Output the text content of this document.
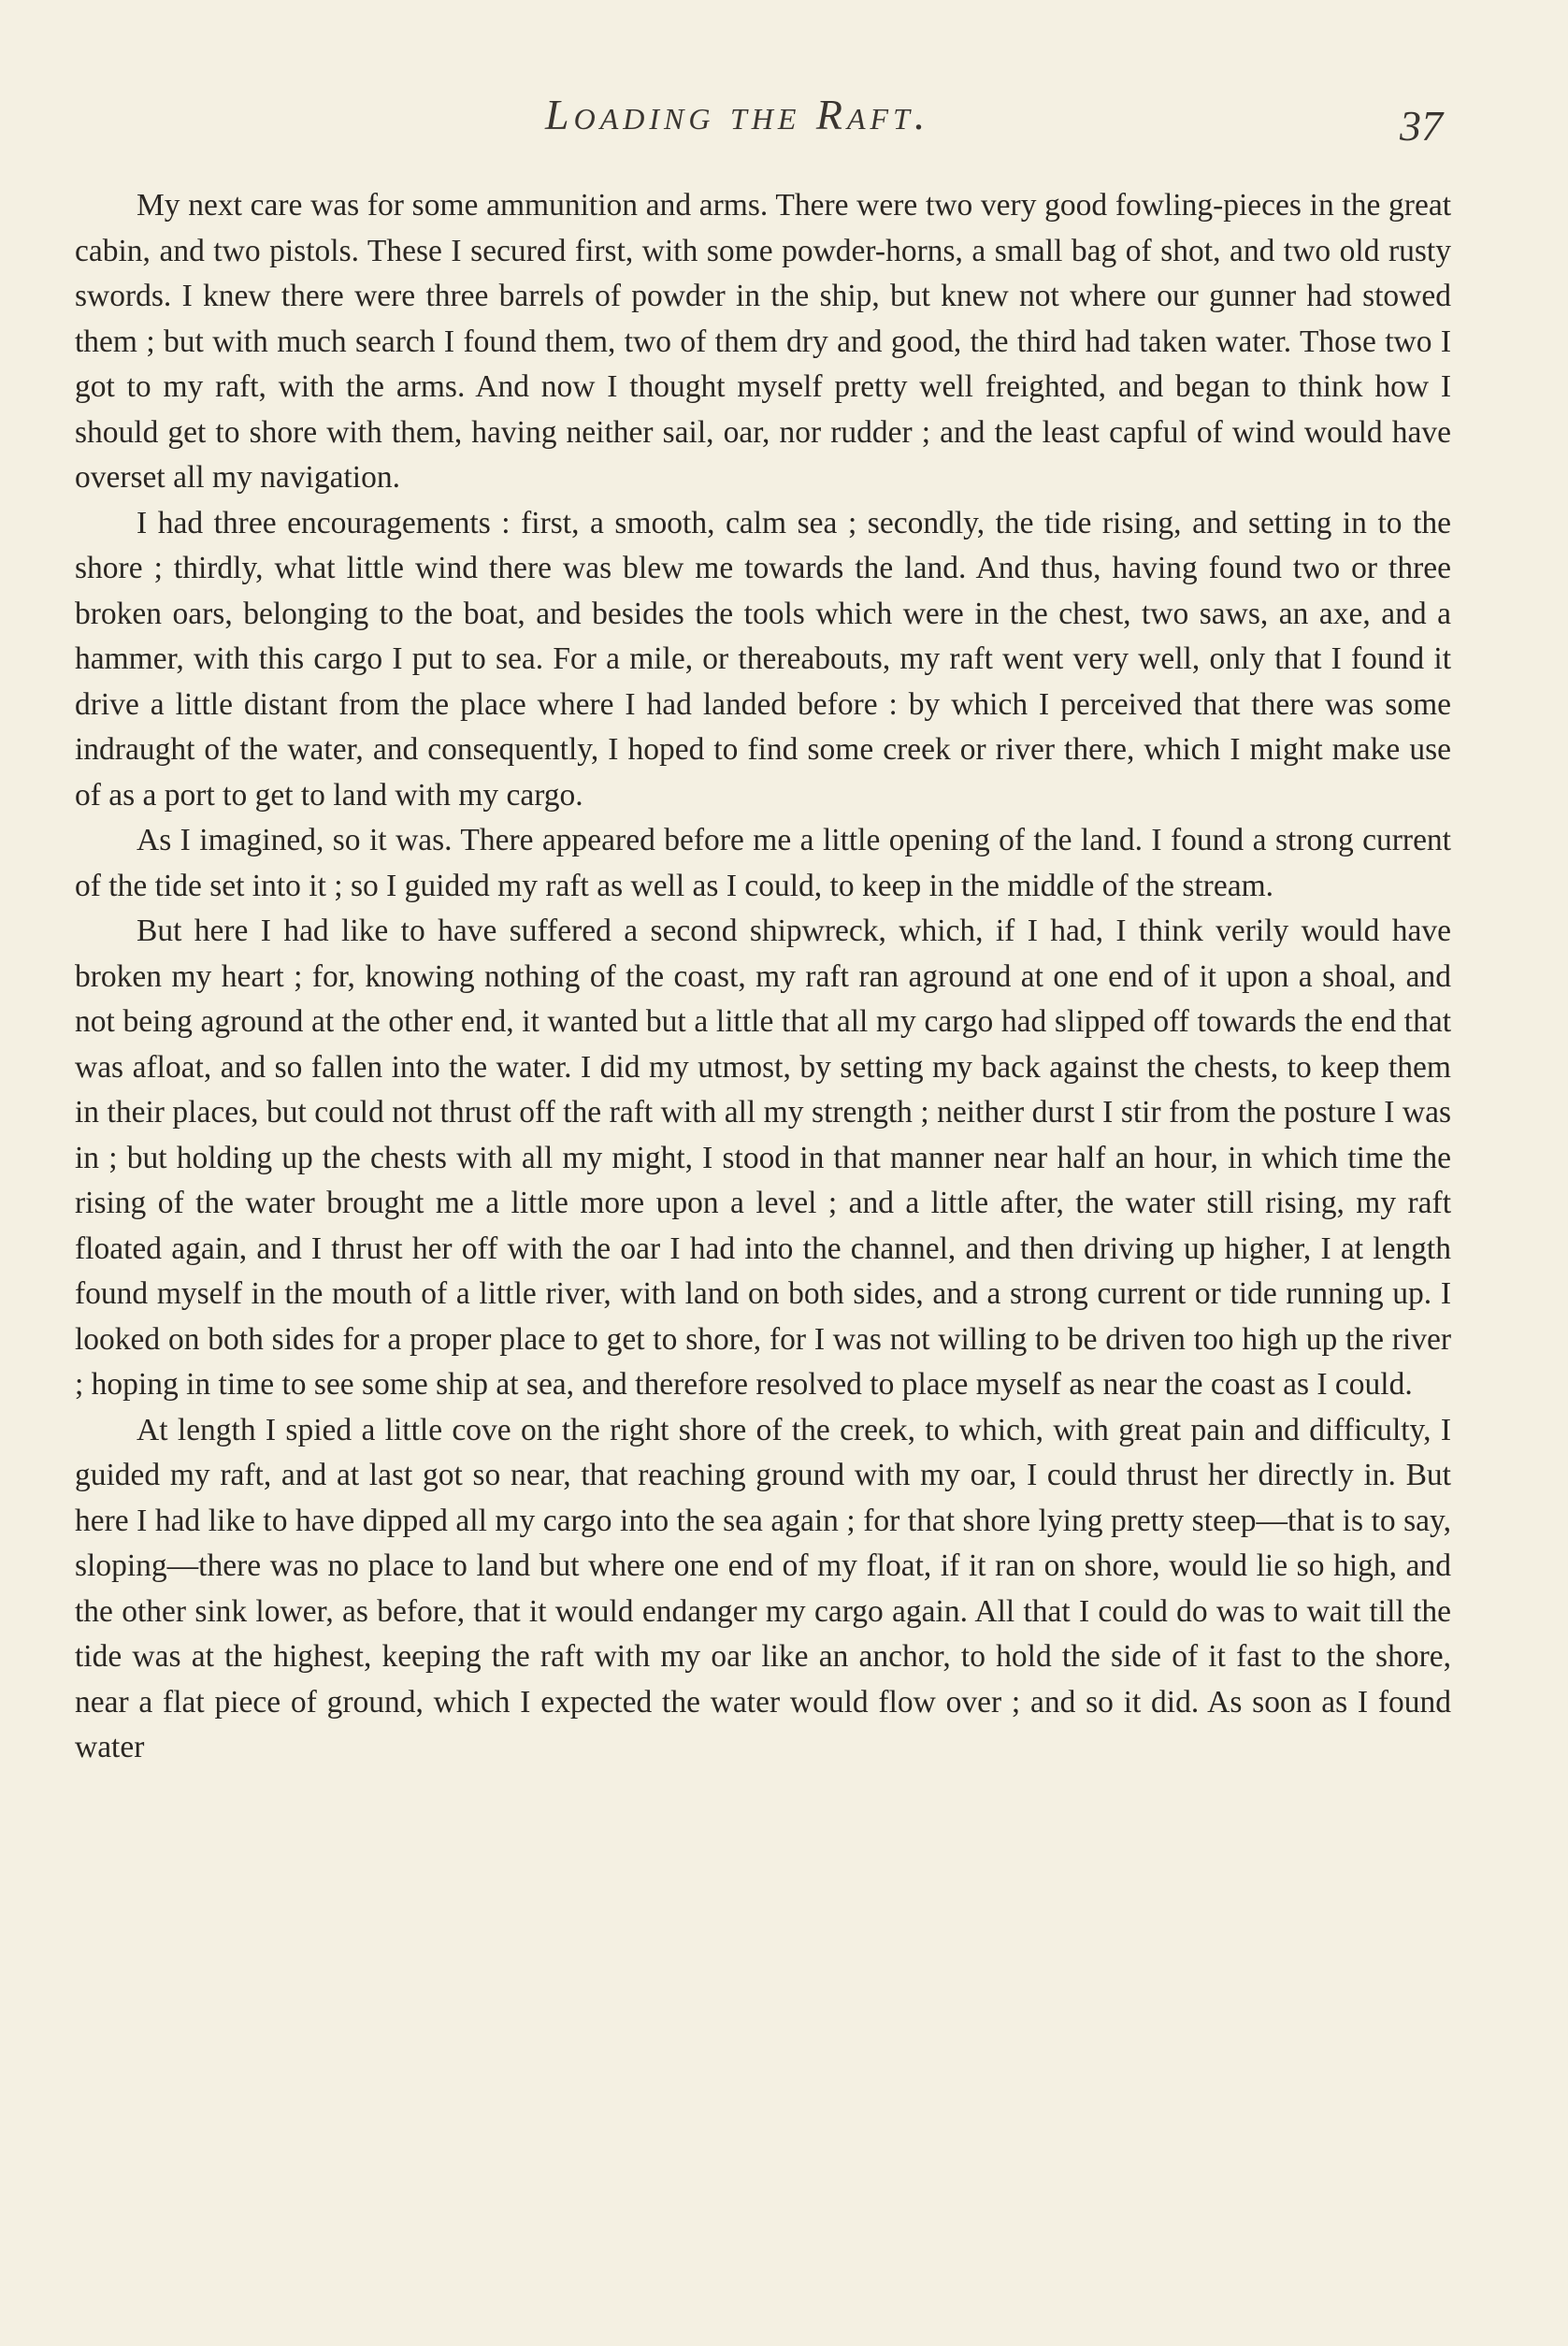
Loading the Raft.	37

My next care was for some ammunition and arms. There were two very good fowling-pieces in the great cabin, and two pistols. These I secured first, with some powder-horns, a small bag of shot, and two old rusty swords. I knew there were three barrels of powder in the ship, but knew not where our gunner had stowed them ; but with much search I found them, two of them dry and good, the third had taken water. Those two I got to my raft, with the arms. And now I thought myself pretty well freighted, and began to think how I should get to shore with them, having neither sail, oar, nor rudder ; and the least capful of wind would have overset all my navigation.

I had three encouragements : first, a smooth, calm sea ; secondly, the tide rising, and setting in to the shore ; thirdly, what little wind there was blew me towards the land. And thus, having found two or three broken oars, belonging to the boat, and besides the tools which were in the chest, two saws, an axe, and a hammer, with this cargo I put to sea. For a mile, or thereabouts, my raft went very well, only that I found it drive a little distant from the place where I had landed before : by which I perceived that there was some indraught of the water, and consequently, I hoped to find some creek or river there, which I might make use of as a port to get to land with my cargo.

As I imagined, so it was. There appeared before me a little opening of the land. I found a strong current of the tide set into it ; so I guided my raft as well as I could, to keep in the middle of the stream.

But here I had like to have suffered a second shipwreck, which, if I had, I think verily would have broken my heart ; for, knowing nothing of the coast, my raft ran aground at one end of it upon a shoal, and not being aground at the other end, it wanted but a little that all my cargo had slipped off towards the end that was afloat, and so fallen into the water. I did my utmost, by setting my back against the chests, to keep them in their places, but could not thrust off the raft with all my strength ; neither durst I stir from the posture I was in ; but holding up the chests with all my might, I stood in that manner near half an hour, in which time the rising of the water brought me a little more upon a level ; and a little after, the water still rising, my raft floated again, and I thrust her off with the oar I had into the channel, and then driving up higher, I at length found myself in the mouth of a little river, with land on both sides, and a strong current or tide running up. I looked on both sides for a proper place to get to shore, for I was not willing to be driven too high up the river ; hoping in time to see some ship at sea, and therefore resolved to place myself as near the coast as I could.

At length I spied a little cove on the right shore of the creek, to which, with great pain and difficulty, I guided my raft, and at last got so near, that reaching ground with my oar, I could thrust her directly in. But here I had like to have dipped all my cargo into the sea again ; for that shore lying pretty steep—that is to say, sloping—there was no place to land but where one end of my float, if it ran on shore, would lie so high, and the other sink lower, as before, that it would endanger my cargo again. All that I could do was to wait till the tide was at the highest, keeping the raft with my oar like an anchor, to hold the side of it fast to the shore, near a flat piece of ground, which I expected the water would flow over ; and so it did. As soon as I found water
